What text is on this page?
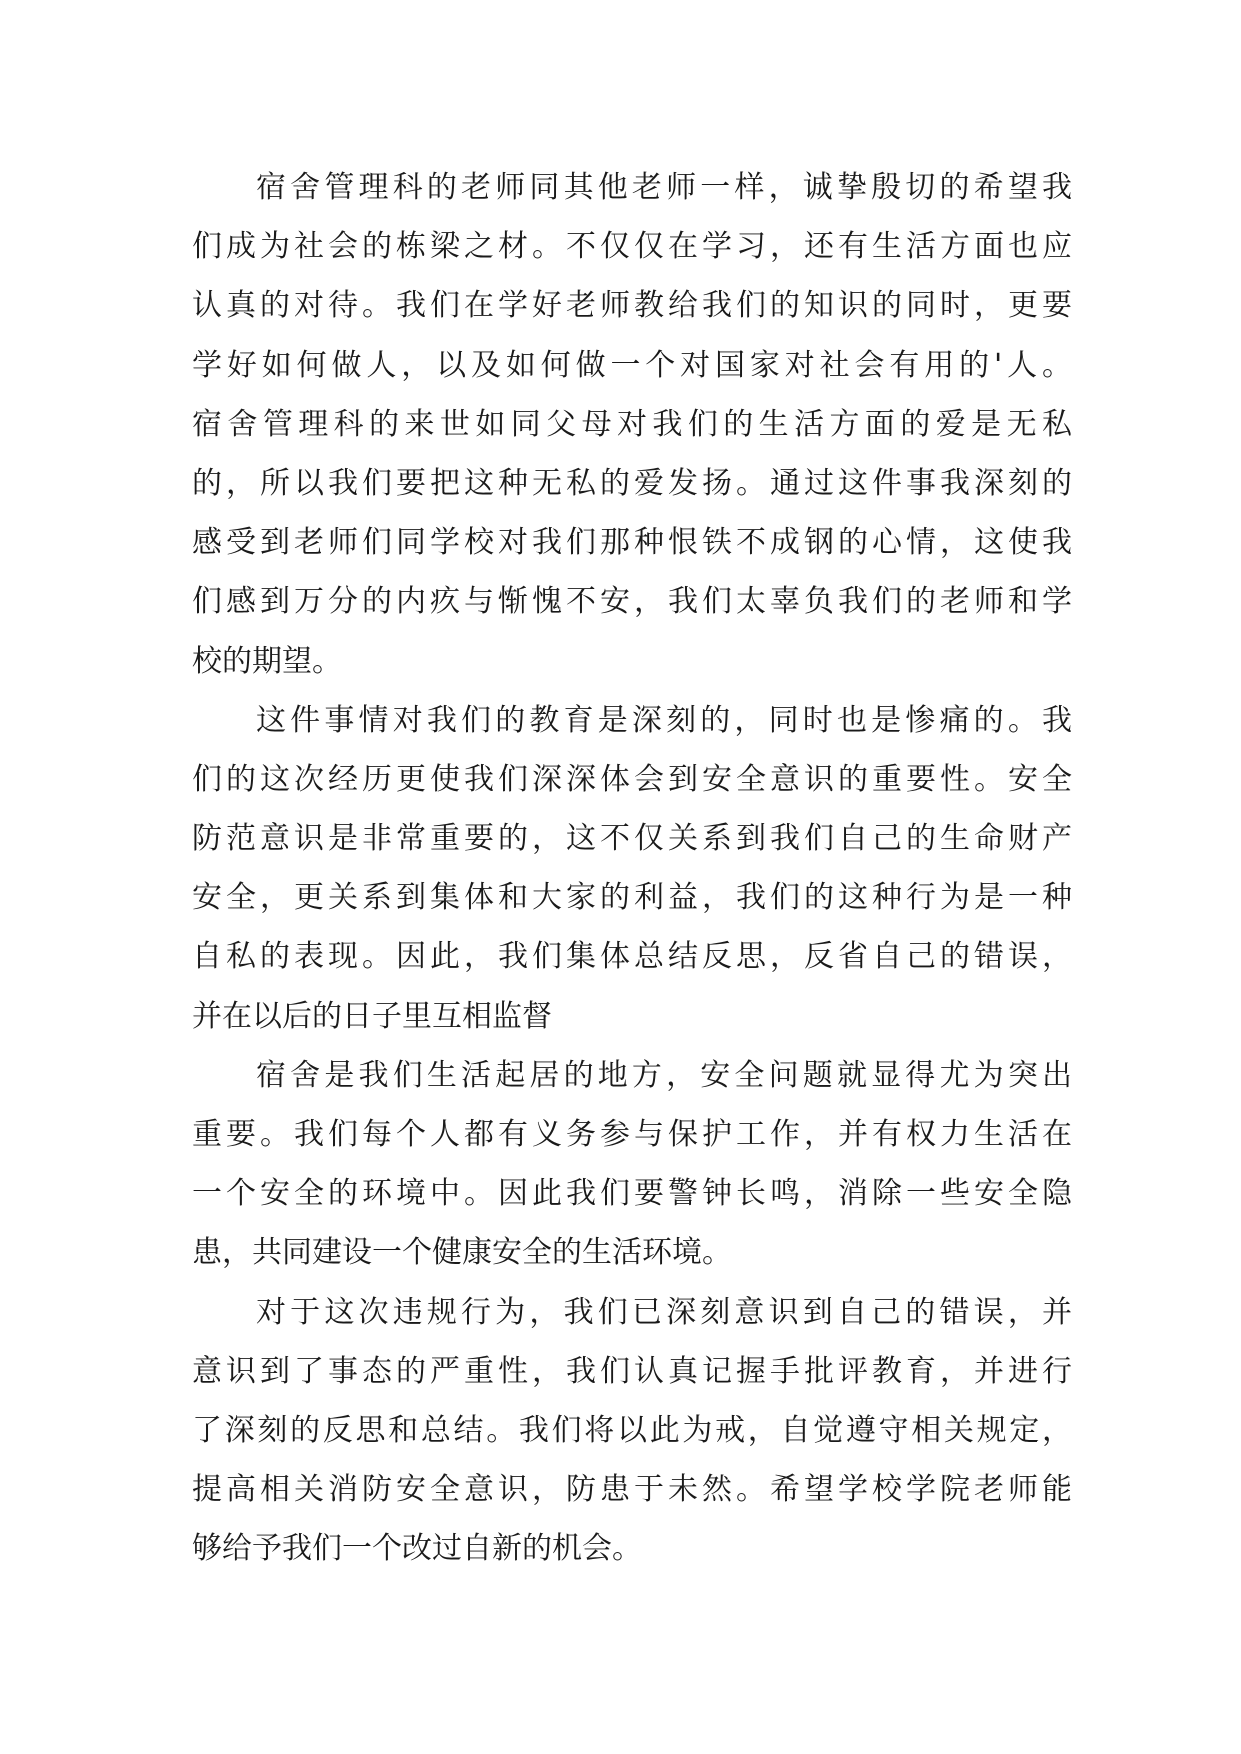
宿舍管理科的老师同其他老师一样，诚挚殷切的希望我
们成为社会的栋梁之材。不仅仅在学习，还有生活方面也应
认真的对待。我们在学好老师教给我们的知识的同时，更要
学好如何做人，以及如何做一个对国家对社会有用的'人。
宿舍管理科的来世如同父母对我们的生活方面的爱是无私
的，所以我们要把这种无私的爱发扬。通过这件事我深刻的
感受到老师们同学校对我们那种恨铁不成钢的心情，这使我
们感到万分的内疚与惭愧不安，我们太辜负我们的老师和学
校的期望。
这件事情对我们的教育是深刻的，同时也是惨痛的。我
们的这次经历更使我们深深体会到安全意识的重要性。安全
防范意识是非常重要的，这不仅关系到我们自己的生命财产
安全，更关系到集体和大家的利益，我们的这种行为是一种
自私的表现。因此，我们集体总结反思，反省自己的错误，
并在以后的日子里互相监督
宿舍是我们生活起居的地方，安全问题就显得尤为突出
重要。我们每个人都有义务参与保护工作，并有权力生活在
一个安全的环境中。因此我们要警钟长鸣，消除一些安全隐
患，共同建设一个健康安全的生活环境。
对于这次违规行为，我们已深刻意识到自己的错误，并
意识到了事态的严重性，我们认真记握手批评教育，并进行
了深刻的反思和总结。我们将以此为戒，自觉遵守相关规定，
提高相关消防安全意识，防患于未然。希望学校学院老师能
够给予我们一个改过自新的机会。
